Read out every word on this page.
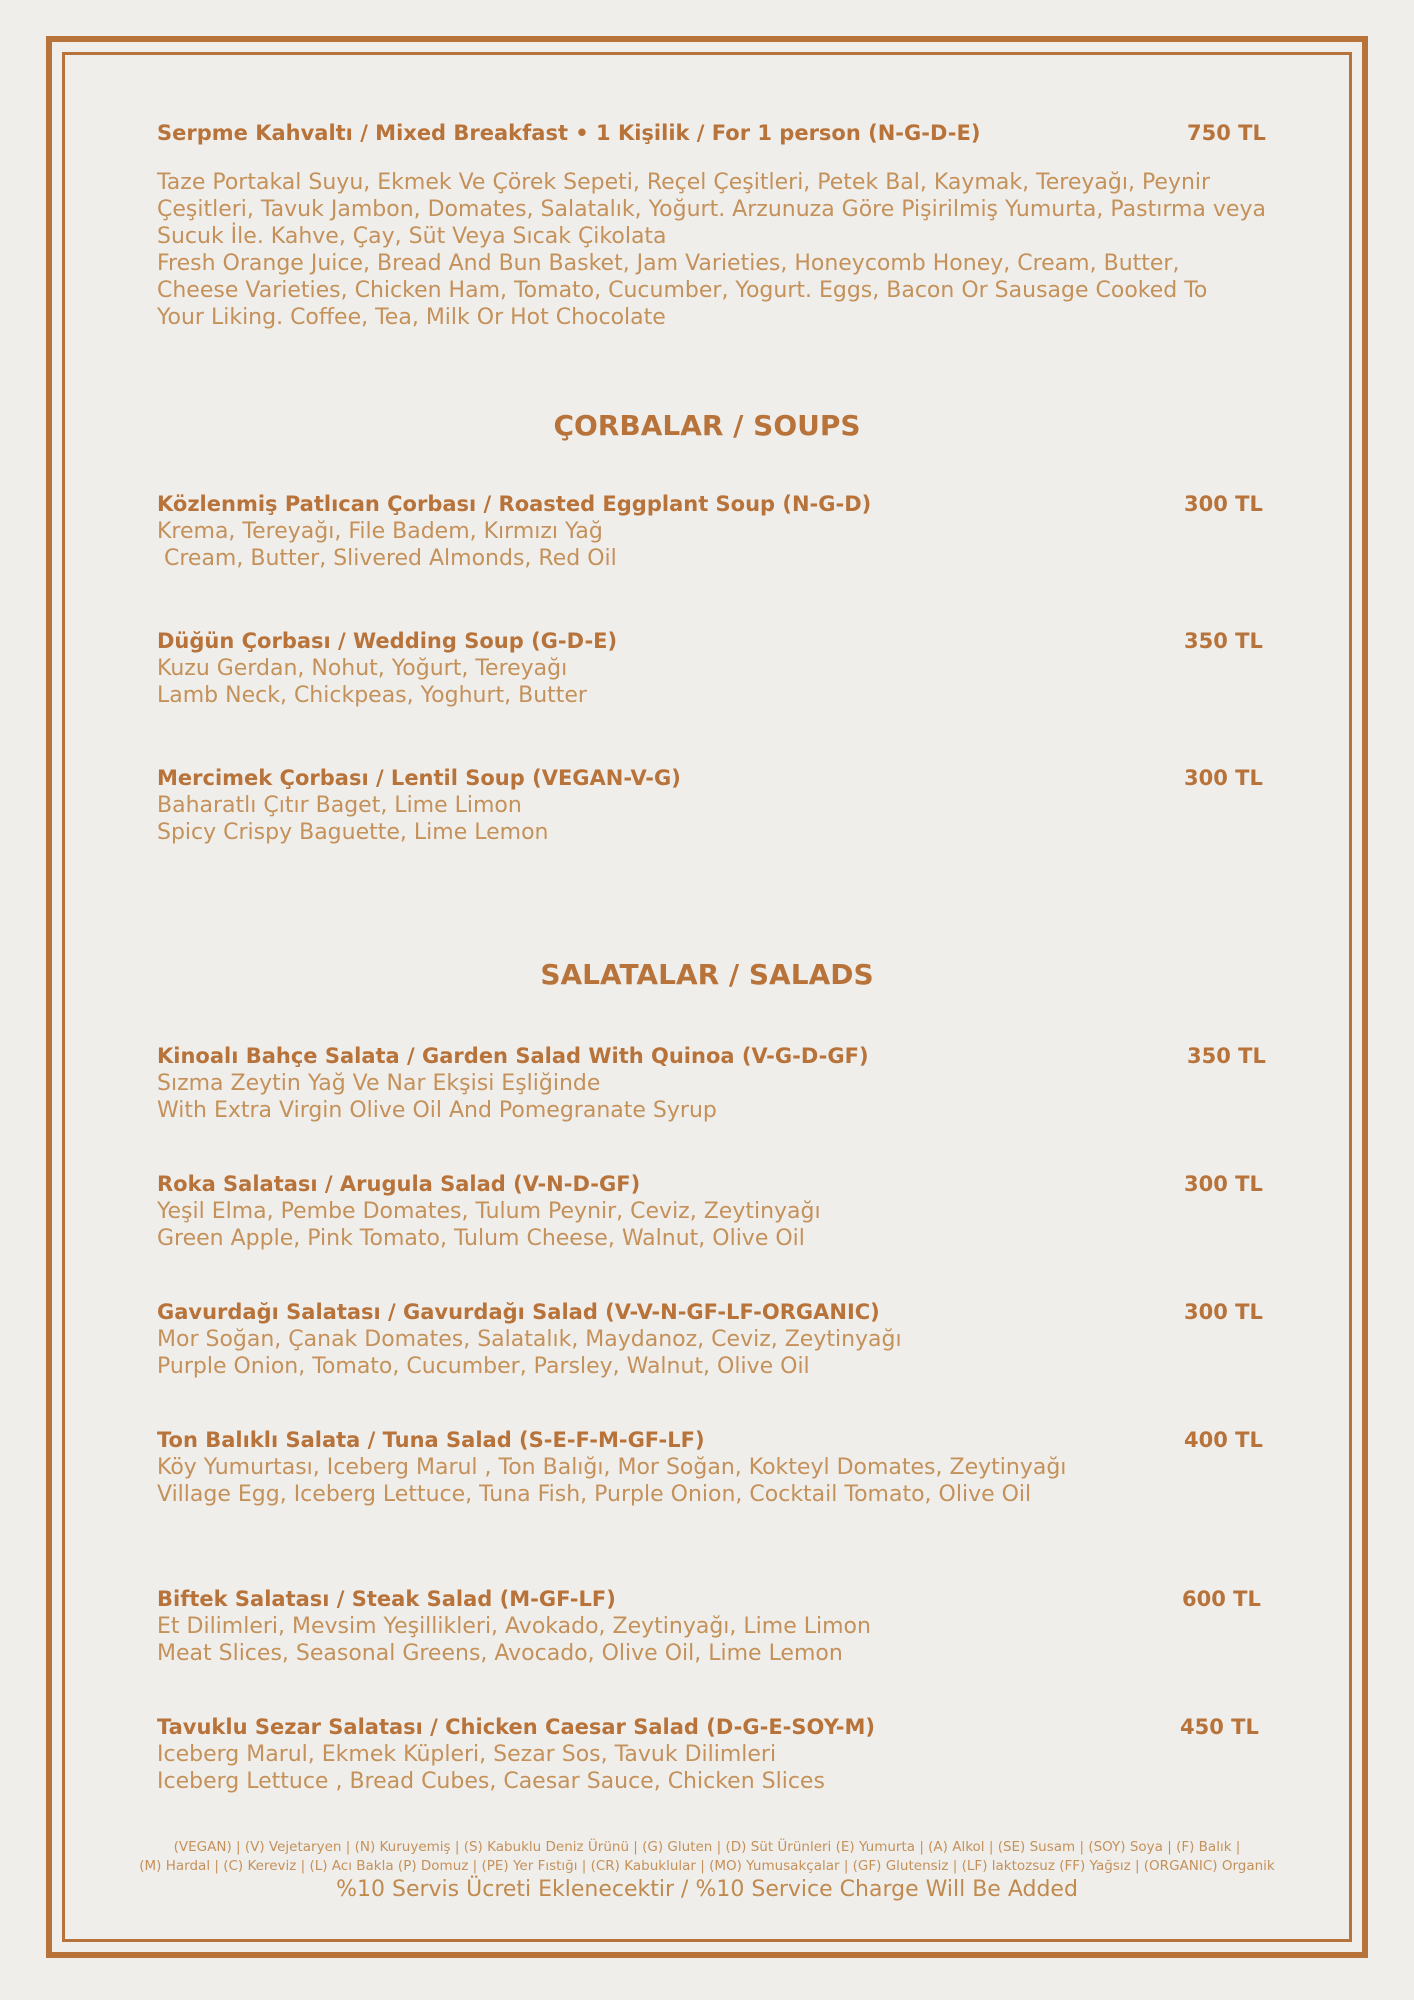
Serpme Kahvaltı / Mixed Breakfast • 1 Kişilik / For 1 person (N-G-D-E)	750 TL
Taze Portakal Suyu, Ekmek Ve Çörek Sepeti, Reçel Çeşitleri, Petek Bal, Kaymak, Tereyağı, Peynir
Çeşitleri, Tavuk Jambon, Domates, Salatalık, Yoğurt. Arzunuza Göre Pişirilmiş Yumurta, Pastırma veya
Sucuk İle. Kahve, Çay, Süt Veya Sıcak Çikolata
Fresh Orange Juice, Bread And Bun Basket, Jam Varieties, Honeycomb Honey, Cream, Butter,
Cheese Varieties, Chicken Ham, Tomato, Cucumber, Yogurt. Eggs, Bacon Or Sausage Cooked To
Your Liking. Coffee, Tea, Milk Or Hot Chocolate
ÇORBALAR / SOUPS
Közlenmiş Patlıcan Çorbası / Roasted Eggplant Soup (N-G-D)	300 TL
Krema, Tereyağı, File Badem, Kırmızı Yağ
Cream, Butter, Slivered Almonds, Red Oil
Düğün Çorbası / Wedding Soup (G-D-E)	350 TL
Kuzu Gerdan, Nohut, Yoğurt, Tereyağı
Lamb Neck, Chickpeas, Yoghurt, Butter
Mercimek Çorbası / Lentil Soup (VEGAN-V-G)	300 TL
Baharatlı Çıtır Baget, Lime Limon
Spicy Crispy Baguette, Lime Lemon
SALATALAR / SALADS
Kinoalı Bahçe Salata / Garden Salad With Quinoa (V-G-D-GF)	350 TL
Sızma Zeytin Yağ Ve Nar Ekşisi Eşliğinde
With Extra Virgin Olive Oil And Pomegranate Syrup
Roka Salatası / Arugula Salad (V-N-D-GF)	300 TL
Yeşil Elma, Pembe Domates, Tulum Peynir, Ceviz, Zeytinyağı
Green Apple, Pink Tomato, Tulum Cheese, Walnut, Olive Oil
Gavurdağı Salatası / Gavurdağı Salad (V-V-N-GF-LF-ORGANIC)	300 TL
Mor Soğan, Çanak Domates, Salatalık, Maydanoz, Ceviz, Zeytinyağı
Purple Onion, Tomato, Cucumber, Parsley, Walnut, Olive Oil
Ton Balıklı Salata / Tuna Salad (S-E-F-M-GF-LF)	400 TL
Köy Yumurtası, Iceberg Marul , Ton Balığı, Mor Soğan, Kokteyl Domates, Zeytinyağı
Village Egg, Iceberg Lettuce, Tuna Fish, Purple Onion, Cocktail Tomato, Olive Oil
Biftek Salatası / Steak Salad (M-GF-LF)	600 TL
Et Dilimleri, Mevsim Yeşillikleri, Avokado, Zeytinyağı, Lime Limon
Meat Slices, Seasonal Greens, Avocado, Olive Oil, Lime Lemon
Tavuklu Sezar Salatası / Chicken Caesar Salad (D-G-E-SOY-M)	450 TL
Iceberg Marul, Ekmek Küpleri, Sezar Sos, Tavuk Dilimleri
Iceberg Lettuce , Bread Cubes, Caesar Sauce, Chicken Slices
(VEGAN) | (V) Vejetaryen | (N) Kuruyemiş | (S) Kabuklu Deniz Ürünü | (G) Gluten | (D) Süt Ürünleri (E) Yumurta | (A) Alkol | (SE) Susam | (SOY) Soya | (F) Balık |
(M) Hardal | (C) Kereviz | (L) Acı Bakla (P) Domuz | (PE) Yer Fıstığı | (CR) Kabuklular | (MO) Yumusakçalar | (GF) Glutensiz | (LF) laktozsuz (FF) Yağsız | (ORGANIC) Organik
%10 Servis Ücreti Eklenecektir / %10 Service Charge Will Be Added
